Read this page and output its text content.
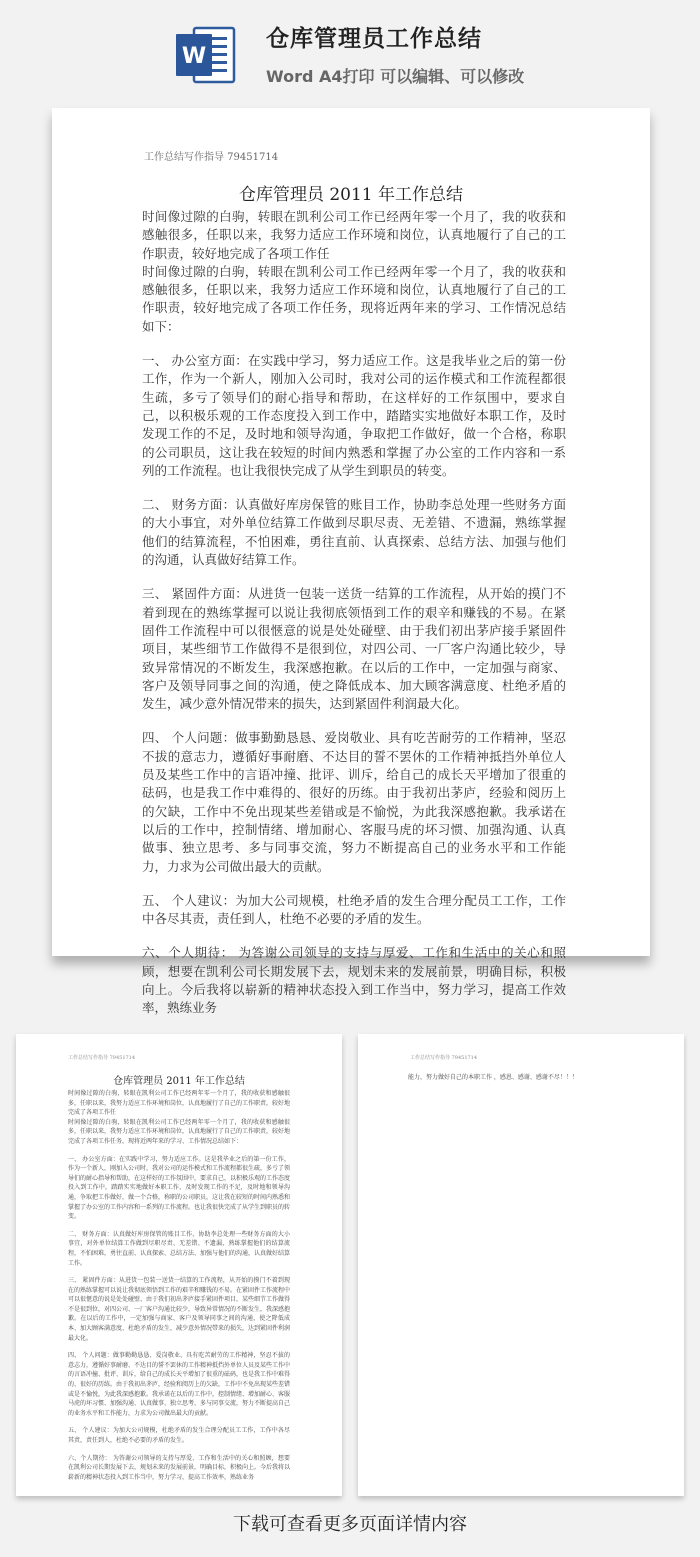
W
仓库管理员工作总结
Word A4打印 可以编辑、可以修改
工作总结写作指导 79451714
仓库管理员 2011 年工作总结

时间像过隙的白驹，转眼在凯利公司工作已经两年零一个月了，我的收获和感触很多，任职以来，我努力适应工作环境和岗位，认真地履行了自己的工作职责，较好地完成了各项工作任

时间像过隙的白驹，转眼在凯利公司工作已经两年零一个月了，我的收获和感触很多，任职以来，我努力适应工作环境和岗位，认真地履行了自己的工作职责，较好地完成了各项工作任务，现将近两年来的学习、工作情况总结如下：

一、 办公室方面：在实践中学习，努力适应工作。这是我毕业之后的第一份工作，作为一个新人，刚加入公司时，我对公司的运作模式和工作流程都很生疏，多亏了领导们的耐心指导和帮助，在这样好的工作氛围中，要求自己，以积极乐观的工作态度投入到工作中，踏踏实实地做好本职工作，及时发现工作的不足，及时地和领导沟通，争取把工作做好，做一个合格，称职的公司职员，这让我在较短的时间内熟悉和掌握了办公室的工作内容和一系列的工作流程。也让我很快完成了从学生到职员的转变。

二、 财务方面：认真做好库房保管的账目工作，协助李总处理一些财务方面的大小事宜，对外单位结算工作做到尽职尽责、无差错、不遗漏，熟练掌握他们的结算流程，不怕困难，勇往直前、认真探索、总结方法、加强与他们的沟通，认真做好结算工作。

三、 紧固件方面：从进货一包装一送货一结算的工作流程，从开始的摸门不着到现在的熟练掌握可以说让我彻底领悟到工作的艰辛和赚钱的不易。在紧固件工作流程中可以很惬意的说是处处碰壁、由于我们初出茅庐接手紧固件项目，某些细节工作做得不是很到位，对四公司、一厂客户沟通比较少，导致异常情况的不断发生，我深感抱歉。在以后的工作中，一定加强与商家、客户及领导同事之间的沟通，使之降低成本、加大顾客满意度、杜绝矛盾的发生，减少意外情况带来的损失，达到紧固件利润最大化。

四、 个人问题：做事勤勤恳恳、爱岗敬业、具有吃苦耐劳的工作精神，坚忍不拔的意志力，遵循好事耐磨、不达目的誓不罢休的工作精神抵挡外单位人员及某些工作中的言语冲撞、批评、训斥，给自己的成长天平增加了很重的砝码，也是我工作中难得的、很好的历练。由于我初出茅庐，经验和阅历上的欠缺，工作中不免出现某些差错或是不愉悦，为此我深感抱歉。我承诺在以后的工作中，控制情绪、增加耐心、客服马虎的坏习惯、加强沟通、认真做事、独立思考、多与同事交流，努力不断提高自己的业务水平和工作能力，力求为公司做出最大的贡献。

五、 个人建议：为加大公司规模，杜绝矛盾的发生合理分配员工工作，工作中各尽其责，责任到人，杜绝不必要的矛盾的发生。

六、个人期待： 为答谢公司领导的支持与厚爱、工作和生活中的关心和照顾，想要在凯利公司长期发展下去，规划未来的发展前景，明确目标，积极向上。今后我将以崭新的精神状态投入到工作当中，努力学习，提高工作效率，熟练业务

工作总结写作指导 79451714
仓库管理员 2011 年工作总结

时间像过隙的白驹，转眼在凯利公司工作已经两年零一个月了，我的收获和感触很多，任职以来，我努力适应工作环境和岗位，认真地履行了自己的工作职责，较好地完成了各项工作任

时间像过隙的白驹，转眼在凯利公司工作已经两年零一个月了，我的收获和感触很多，任职以来，我努力适应工作环境和岗位，认真地履行了自己的工作职责，较好地完成了各项工作任务，现将近两年来的学习、工作情况总结如下：

一、 办公室方面：在实践中学习，努力适应工作。这是我毕业之后的第一份工作，作为一个新人，刚加入公司时，我对公司的运作模式和工作流程都很生疏，多亏了领导们的耐心指导和帮助，在这样好的工作氛围中，要求自己，以积极乐观的工作态度投入到工作中，踏踏实实地做好本职工作，及时发现工作的不足，及时地和领导沟通，争取把工作做好，做一个合格，称职的公司职员，这让我在较短的时间内熟悉和掌握了办公室的工作内容和一系列的工作流程。也让我很快完成了从学生到职员的转变。

二、 财务方面：认真做好库房保管的账目工作，协助李总处理一些财务方面的大小事宜，对外单位结算工作做到尽职尽责、无差错、不遗漏，熟练掌握他们的结算流程，不怕困难，勇往直前、认真探索、总结方法、加强与他们的沟通，认真做好结算工作。

三、 紧固件方面：从进货一包装一送货一结算的工作流程，从开始的摸门不着到现在的熟练掌握可以说让我彻底领悟到工作的艰辛和赚钱的不易。在紧固件工作流程中可以很惬意的说是处处碰壁、由于我们初出茅庐接手紧固件项目，某些细节工作做得不是很到位，对四公司、一厂客户沟通比较少，导致异常情况的不断发生，我深感抱歉。在以后的工作中，一定加强与商家、客户及领导同事之间的沟通，使之降低成本、加大顾客满意度、杜绝矛盾的发生，减少意外情况带来的损失，达到紧固件利润最大化。

四、 个人问题：做事勤勤恳恳、爱岗敬业、具有吃苦耐劳的工作精神，坚忍不拔的意志力，遵循好事耐磨、不达目的誓不罢休的工作精神抵挡外单位人员及某些工作中的言语冲撞、批评、训斥，给自己的成长天平增加了很重的砝码，也是我工作中难得的、很好的历练。由于我初出茅庐，经验和阅历上的欠缺，工作中不免出现某些差错或是不愉悦，为此我深感抱歉。我承诺在以后的工作中，控制情绪、增加耐心、客服马虎的坏习惯、加强沟通、认真做事、独立思考、多与同事交流，努力不断提高自己的业务水平和工作能力，力求为公司做出最大的贡献。

五、 个人建议：为加大公司规模，杜绝矛盾的发生合理分配员工工作，工作中各尽其责，责任到人，杜绝不必要的矛盾的发生。

六、个人期待： 为答谢公司领导的支持与厚爱、工作和生活中的关心和照顾，想要在凯利公司长期发展下去，规划未来的发展前景，明确目标，积极向上。今后我将以崭新的精神状态投入到工作当中，努力学习，提高工作效率，熟练业务

工作总结写作指导 79451714
能力，努力做好自己的本职工作 ，感恩、感谢、感谢不尽！！！
下载可查看更多页面详情内容
